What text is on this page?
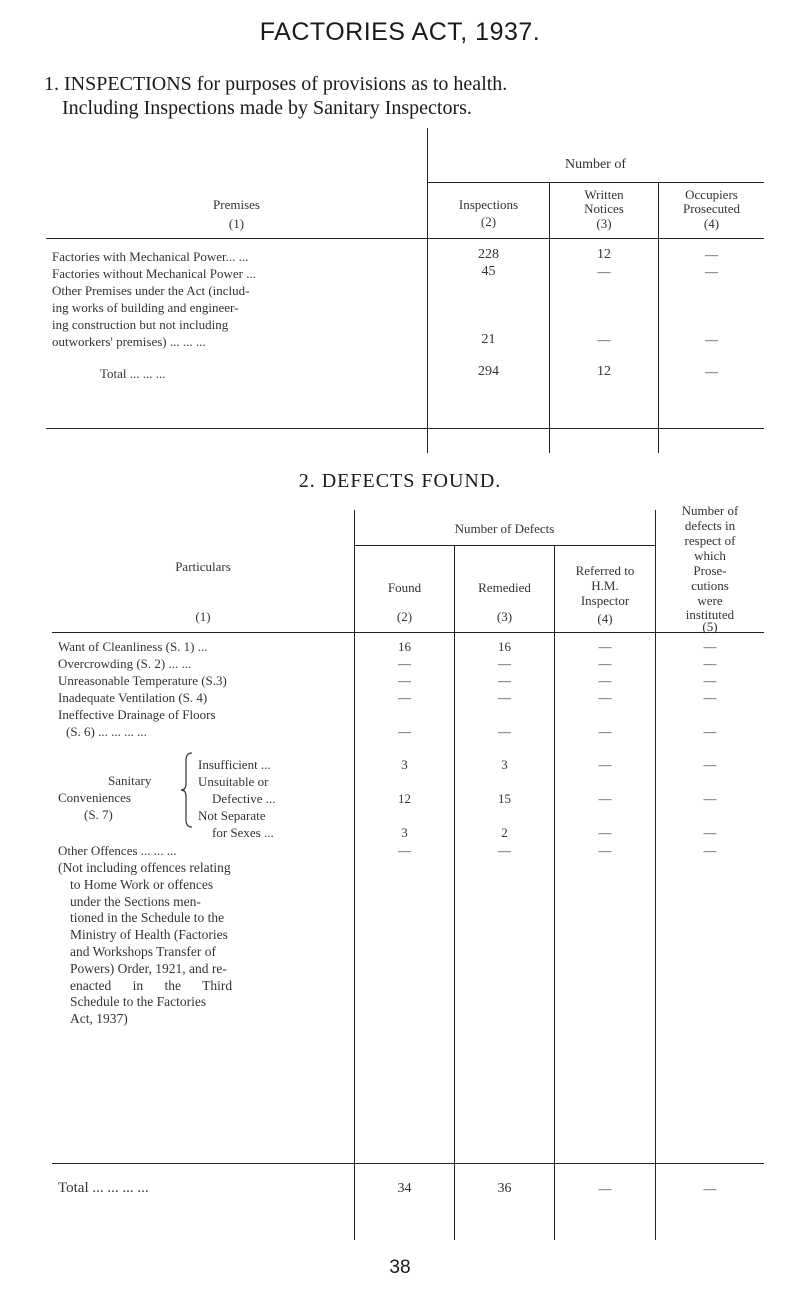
FACTORIES ACT, 1937.
1. INSPECTIONS for purposes of provisions as to health.
Including Inspections made by Sanitary Inspectors.
Number of
Premises
(1)
Inspections
(2)
Written
Notices
(3)
Occupiers
Prosecuted
(4)
Factories with Mechanical Power... ...	228	12	—
Factories without Mechanical Power ...	45	—	—
Other Premises under the Act (includ-
ing works of building and engineer-
ing construction but not including
outworkers' premises) ... ... ...	21	—	—
Total ... ... ...	294	12	—
2. DEFECTS FOUND.
Number of Defects
Particulars
(1)
Found
(2)
Remedied
(3)
Referred to
H.M.
Inspector
(4)
Number of
defects in
respect of
which
Prose-
cutions
were
instituted
(5)
Want of Cleanliness (S. 1) ...	16	16	—	—
Overcrowding (S. 2) ... ...	—	—	—	—
Unreasonable Temperature (S.3)	—	—	—	—
Inadequate Ventilation (S. 4)	—	—	—	—
Ineffective Drainage of Floors
(S. 6) ... ... ... ...	—	—	—	—
Sanitary
Conveniences
(S. 7)
Insufficient ...	3	3	—	—
Unsuitable or
Defective ...	12	15	—	—
Not Separate
for Sexes ...	3	2	—	—
Other Offences ... ... ...	—	—	—	—
(Not including offences relating
to Home Work or offences
under the Sections men-
tioned in the Schedule to the
Ministry of Health (Factories
and Workshops Transfer of
Powers) Order, 1921, and re-
enacted in the Third
Schedule to the Factories
Act, 1937)
Total ... ... ... ...	34	36	—	—
38
